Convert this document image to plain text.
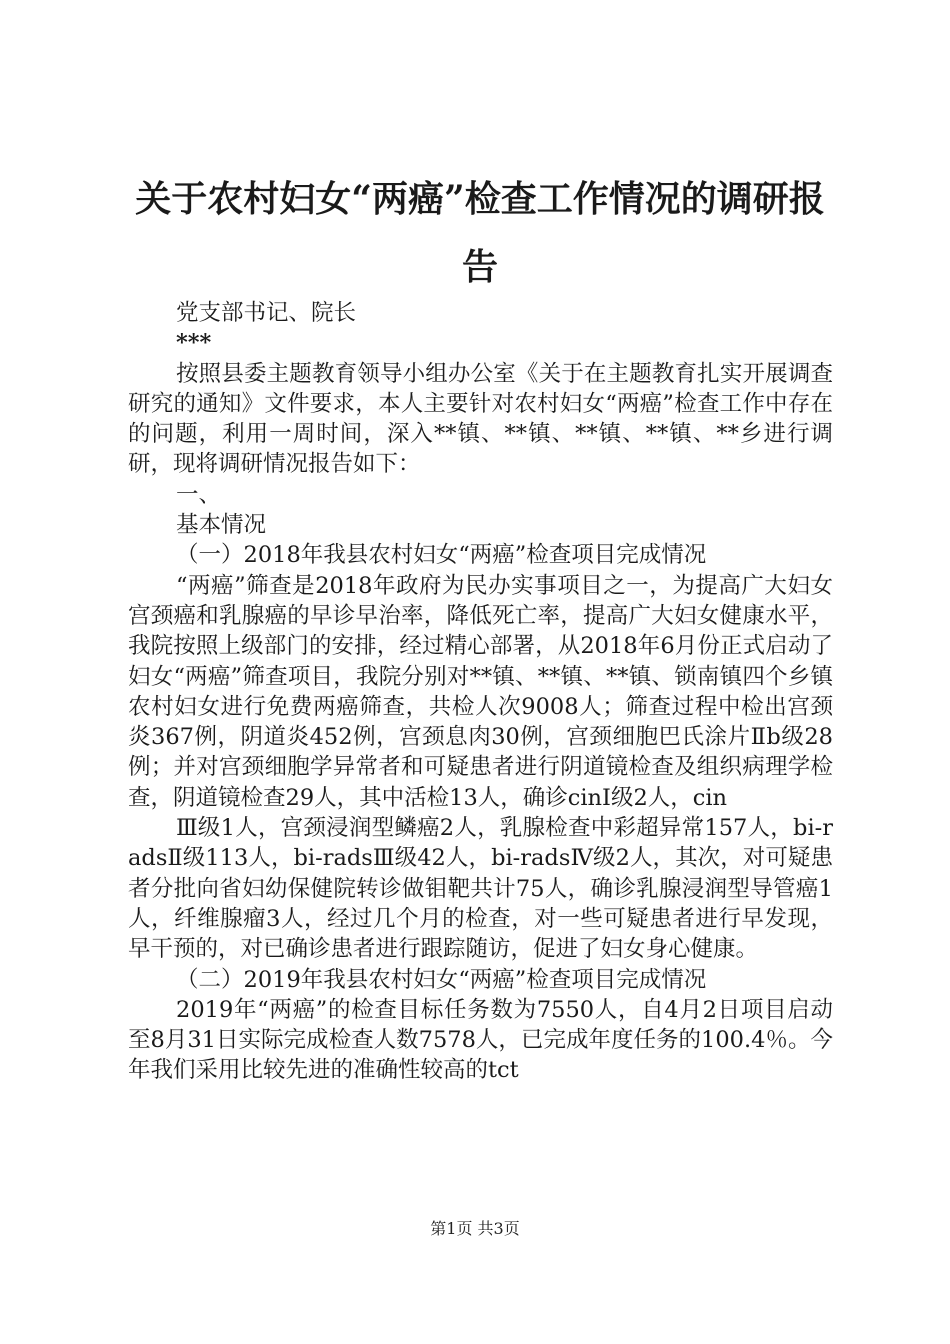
关于农村妇女“两癌”检查工作情况的调研报告

党支部书记、院长

***

按照县委主题教育领导小组办公室《关于在主题教育扎实开展调查研究的通知》文件要求，本人主要针对农村妇女“两癌”检查工作中存在的问题，利用一周时间，深入**镇、**镇、**镇、**镇、**乡进行调研，现将调研情况报告如下：

一、

基本情况

（一）2018年我县农村妇女“两癌”检查项目完成情况

“两癌”筛查是2018年政府为民办实事项目之一，为提高广大妇女宫颈癌和乳腺癌的早诊早治率，降低死亡率，提高广大妇女健康水平，我院按照上级部门的安排，经过精心部署，从2018年6月份正式启动了妇女“两癌”筛查项目，我院分别对**镇、**镇、**镇、锁南镇四个乡镇农村妇女进行免费两癌筛查，共检人次9008人；筛查过程中检出宫颈炎367例，阴道炎452例，宫颈息肉30例，宫颈细胞巴氏涂片Ⅱb级28例；并对宫颈细胞学异常者和可疑患者进行阴道镜检查及组织病理学检查，阴道镜检查29人，其中活检13人，确诊cinⅠ级2人，cin

Ⅲ级1人，宫颈浸润型鳞癌2人，乳腺检查中彩超异常157人，bi-radsⅡ级113人，bi-radsⅢ级42人，bi-radsⅣ级2人，其次，对可疑患者分批向省妇幼保健院转诊做钼靶共计75人，确诊乳腺浸润型导管癌1人，纤维腺瘤3人，经过几个月的检查，对一些可疑患者进行早发现，早干预的，对已确诊患者进行跟踪随访，促进了妇女身心健康。

（二）2019年我县农村妇女“两癌”检查项目完成情况

2019年“两癌”的检查目标任务数为7550人，自4月2日项目启动至8月31日实际完成检查人数7578人，已完成年度任务的100.4％。今年我们采用比较先进的准确性较高的tct

第1页 共3页
